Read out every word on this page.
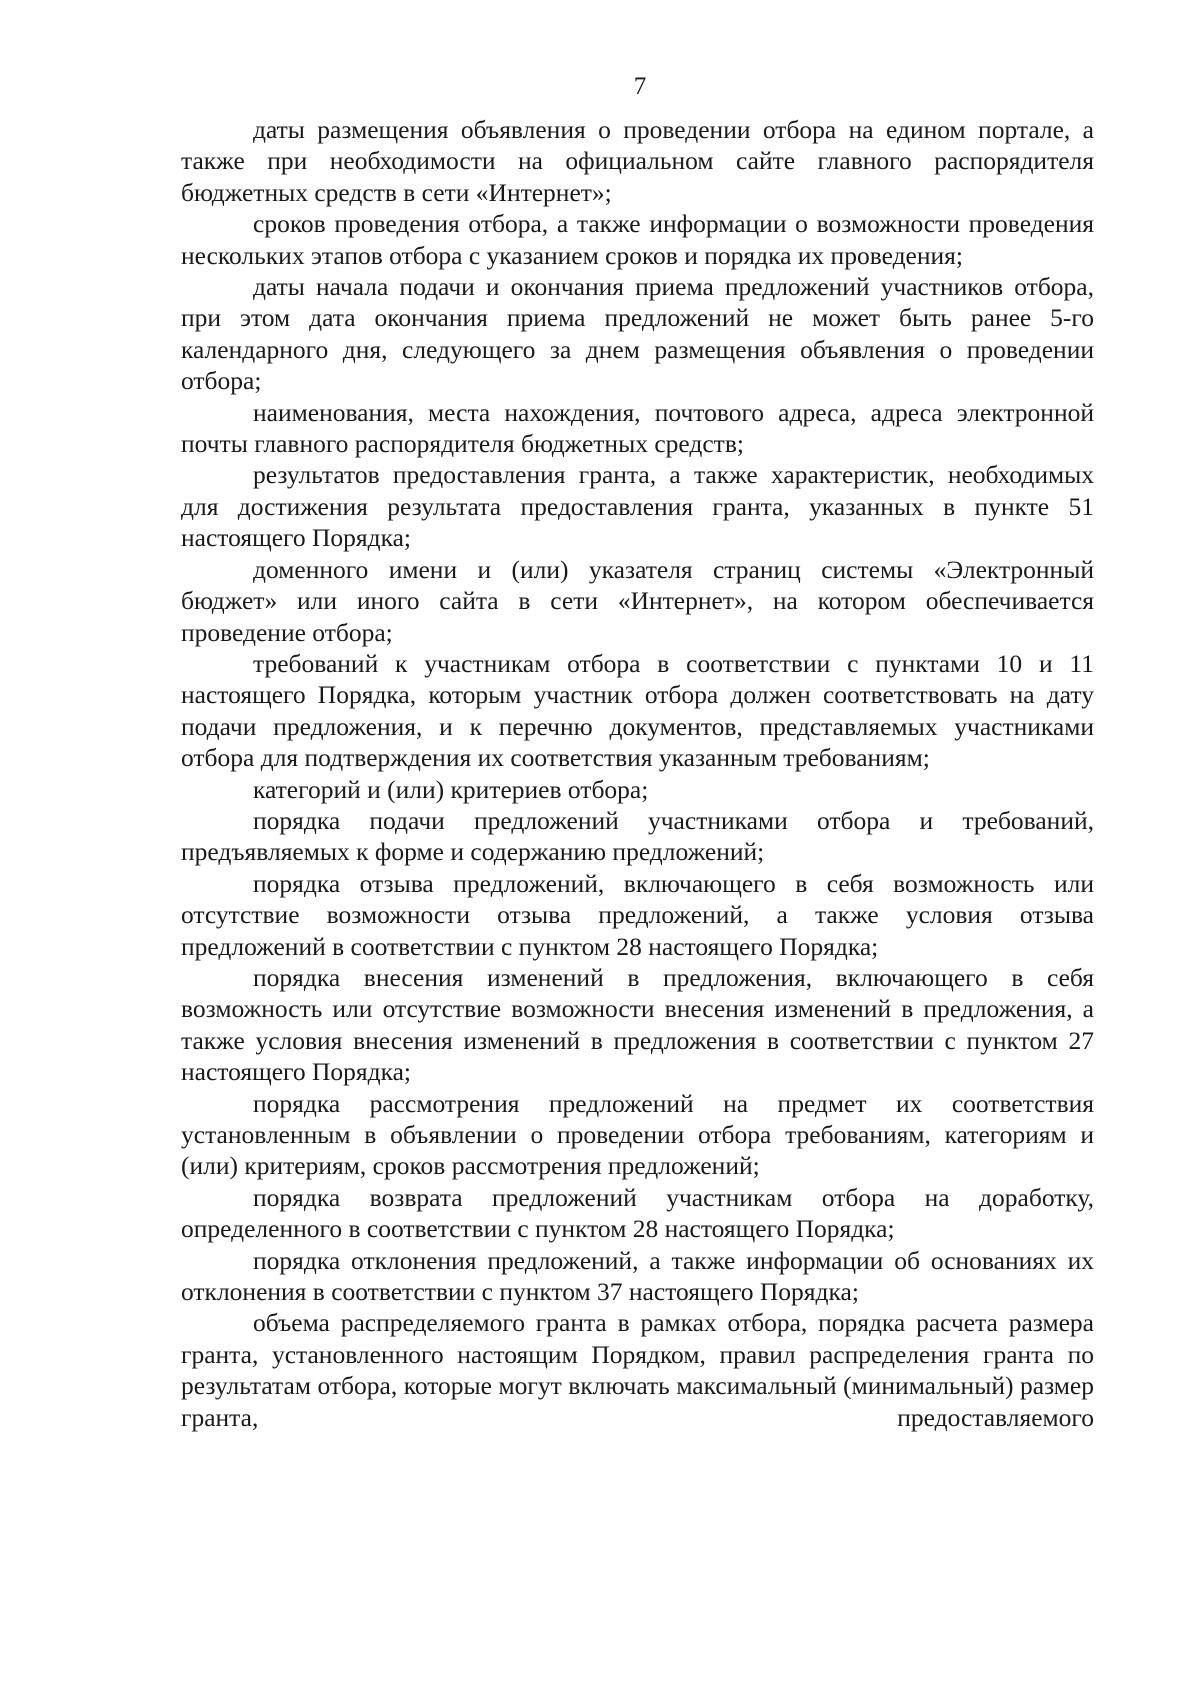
7

даты размещения объявления о проведении отбора на едином портале, а также при необходимости на официальном сайте главного распорядителя бюджетных средств в сети «Интернет»;

сроков проведения отбора, а также информации о возможности проведения нескольких этапов отбора с указанием сроков и порядка их проведения;

даты начала подачи и окончания приема предложений участников отбора, при этом дата окончания приема предложений не может быть ранее 5-го календарного дня, следующего за днем размещения объявления о проведении отбора;

наименования, места нахождения, почтового адреса, адреса электронной почты главного распорядителя бюджетных средств;

результатов предоставления гранта, а также характеристик, необходимых для достижения результата предоставления гранта, указанных в пункте 51 настоящего Порядка;

доменного имени и (или) указателя страниц системы «Электронный бюджет» или иного сайта в сети «Интернет», на котором обеспечивается проведение отбора;

требований к участникам отбора в соответствии с пунктами 10 и 11 настоящего Порядка, которым участник отбора должен соответствовать на дату подачи предложения, и к перечню документов, представляемых участниками отбора для подтверждения их соответствия указанным требованиям;

категорий и (или) критериев отбора;

порядка подачи предложений участниками отбора и требований, предъявляемых к форме и содержанию предложений;

порядка отзыва предложений, включающего в себя возможность или отсутствие возможности отзыва предложений, а также условия отзыва предложений в соответствии с пунктом 28 настоящего Порядка;

порядка внесения изменений в предложения, включающего в себя возможность или отсутствие возможности внесения изменений в предложения, а также условия внесения изменений в предложения в соответствии с пунктом 27 настоящего Порядка;

порядка рассмотрения предложений на предмет их соответствия установленным в объявлении о проведении отбора требованиям, категориям и (или) критериям, сроков рассмотрения предложений;

порядка возврата предложений участникам отбора на доработку, определенного в соответствии с пунктом 28 настоящего Порядка;

порядка отклонения предложений, а также информации об основаниях их отклонения в соответствии с пунктом 37 настоящего Порядка;

объема распределяемого гранта в рамках отбора, порядка расчета размера гранта, установленного настоящим Порядком, правил распределения гранта по результатам отбора, которые могут включать максимальный (минимальный) размер гранта, предоставляемого
